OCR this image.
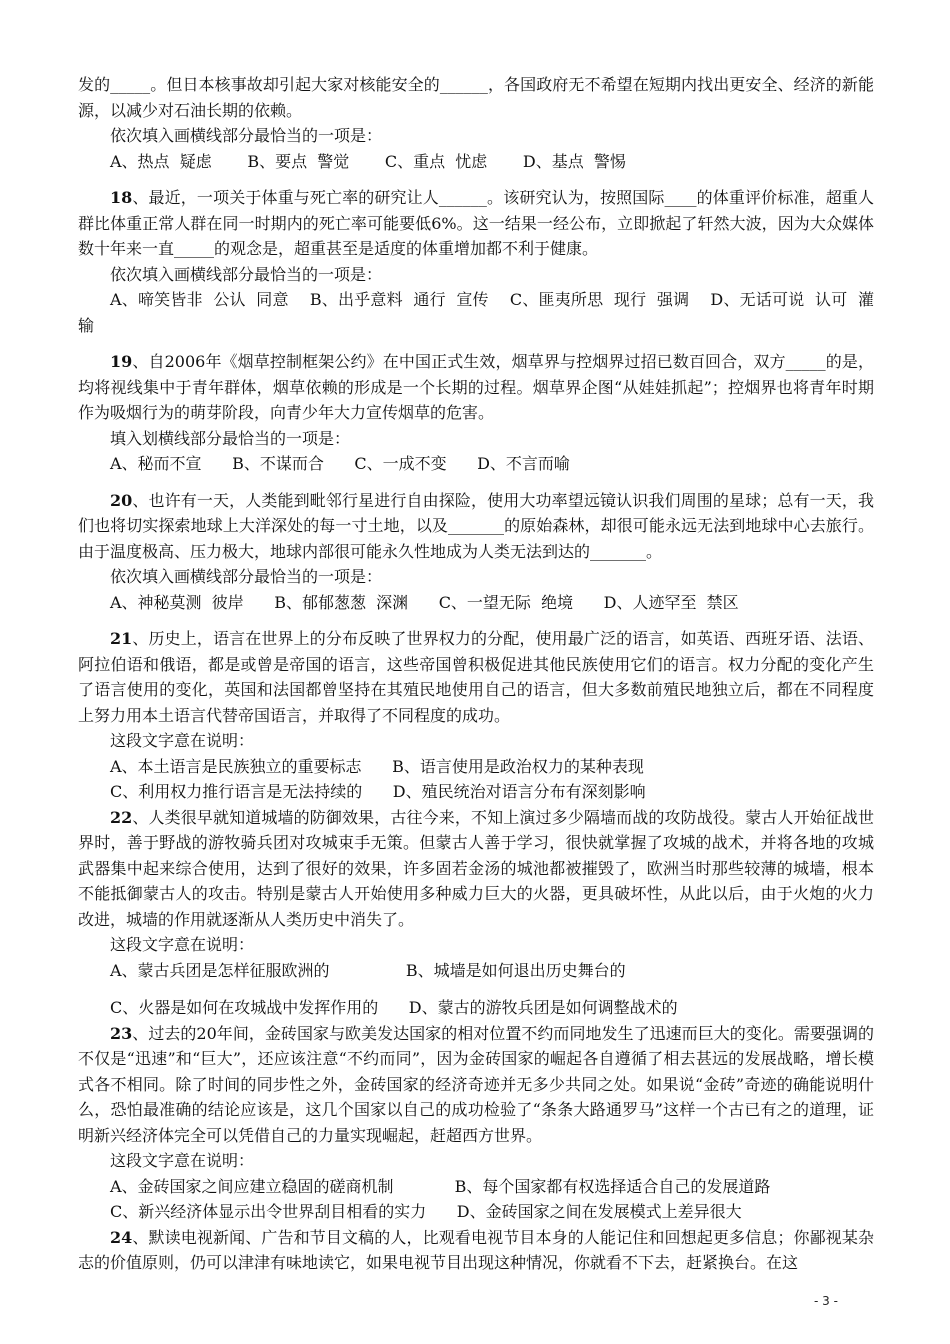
发的_____。但日本核事故却引起大家对核能安全的______，各国政府无不希望在短期内找出更安全、经济的新能源，以减少对石油长期的依赖。

依次填入画横线部分最恰当的一项是：

A、热点  疑虑       B、要点  警觉       C、重点  忧虑       D、基点  警惕

18、最近，一项关于体重与死亡率的研究让人______。该研究认为，按照国际____的体重评价标准，超重人群比体重正常人群在同一时期内的死亡率可能要低6%。这一结果一经公布，立即掀起了轩然大波，因为大众媒体数十年来一直_____的观念是，超重甚至是适度的体重增加都不利于健康。

依次填入画横线部分最恰当的一项是：

A、啼笑皆非  公认  同意    B、出乎意料  通行  宣传    C、匪夷所思  现行  强调    D、无话可说  认可  灌输

19、自2006年《烟草控制框架公约》在中国正式生效，烟草界与控烟界过招已数百回合，双方_____的是，均将视线集中于青年群体，烟草依赖的形成是一个长期的过程。烟草界企图“从娃娃抓起”；控烟界也将青年时期作为吸烟行为的萌芽阶段，向青少年大力宣传烟草的危害。

填入划横线部分最恰当的一项是：

A、秘而不宣      B、不谋而合      C、一成不变      D、不言而喻

20、也许有一天，人类能到毗邻行星进行自由探险，使用大功率望远镜认识我们周围的星球；总有一天，我们也将切实探索地球上大洋深处的每一寸土地，以及_______的原始森林，却很可能永远无法到地球中心去旅行。由于温度极高、压力极大，地球内部很可能永久性地成为人类无法到达的_______。

依次填入画横线部分最恰当的一项是：

A、神秘莫测  彼岸      B、郁郁葱葱  深渊      C、一望无际  绝境      D、人迹罕至  禁区

21、历史上，语言在世界上的分布反映了世界权力的分配，使用最广泛的语言，如英语、西班牙语、法语、阿拉伯语和俄语，都是或曾是帝国的语言，这些帝国曾积极促进其他民族使用它们的语言。权力分配的变化产生了语言使用的变化，英国和法国都曾坚持在其殖民地使用自己的语言，但大多数前殖民地独立后，都在不同程度上努力用本土语言代替帝国语言，并取得了不同程度的成功。

这段文字意在说明：

A、本土语言是民族独立的重要标志      B、语言使用是政治权力的某种表现

C、利用权力推行语言是无法持续的      D、殖民统治对语言分布有深刻影响

22、人类很早就知道城墙的防御效果，古往今来，不知上演过多少隔墙而战的攻防战役。蒙古人开始征战世界时，善于野战的游牧骑兵团对攻城束手无策。但蒙古人善于学习，很快就掌握了攻城的战术，并将各地的攻城武器集中起来综合使用，达到了很好的效果，许多固若金汤的城池都被摧毁了，欧洲当时那些较薄的城墙，根本不能抵御蒙古人的攻击。特别是蒙古人开始使用多种威力巨大的火器，更具破坏性，从此以后，由于火炮的火力改进，城墙的作用就逐渐从人类历史中消失了。

这段文字意在说明：

A、蒙古兵团是怎样征服欧洲的               B、城墙是如何退出历史舞台的

C、火器是如何在攻城战中发挥作用的      D、蒙古的游牧兵团是如何调整战术的

23、过去的20年间，金砖国家与欧美发达国家的相对位置不约而同地发生了迅速而巨大的变化。需要强调的不仅是“迅速”和“巨大”，还应该注意“不约而同”，因为金砖国家的崛起各自遵循了相去甚远的发展战略，增长模式各不相同。除了时间的同步性之外，金砖国家的经济奇迹并无多少共同之处。如果说“金砖”奇迹的确能说明什么，恐怕最准确的结论应该是，这几个国家以自己的成功检验了“条条大路通罗马”这样一个古已有之的道理，证明新兴经济体完全可以凭借自己的力量实现崛起，赶超西方世界。

这段文字意在说明：

A、金砖国家之间应建立稳固的磋商机制            B、每个国家都有权选择适合自己的发展道路

C、新兴经济体显示出令世界刮目相看的实力      D、金砖国家之间在发展模式上差异很大

24、默读电视新闻、广告和节目文稿的人，比观看电视节目本身的人能记住和回想起更多信息；你鄙视某杂志的价值原则，仍可以津津有味地读它，如果电视节目出现这种情况，你就看不下去，赶紧换台。在这

- 3 -
